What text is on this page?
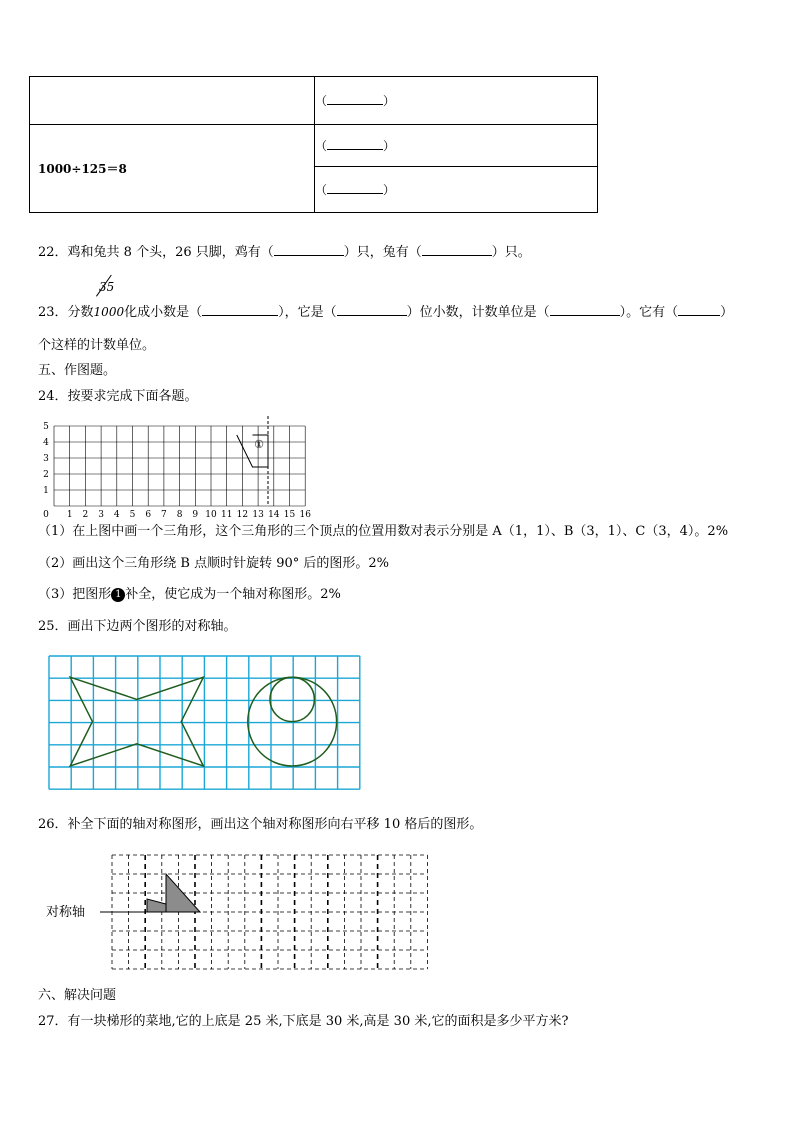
	（ ）
1000÷125＝8	（ ）
	（ ）
22．鸡和兔共 8 个头，26 只脚，鸡有（	）只，兔有（	）只。
35
23．分数1000化成小数是（	），它是（	）位小数，计数单位是（	）。它有（	）
个这样的计数单位。
五、作图题。
24．按要求完成下面各题。
0 1 2 3 4 5 6 7 8 9 10 11 12 13 14 15 16
1
2
3
4
5
①
（1）在上图中画一个三角形，这个三角形的三个顶点的位置用数对表示分别是 A（1，1）、B（3，1）、C（3，4）。2%
（2）画出这个三角形绕 B 点顺时针旋转 90° 后的图形。2%
（3）把图形 1 补全，使它成为一个轴对称图形。2%
25．画出下边两个图形的对称轴。
26．补全下面的轴对称图形，画出这个轴对称图形向右平移 10 格后的图形。
对称轴
六、解决问题
27．有一块梯形的菜地,它的上底是 25 米,下底是 30 米,高是 30 米,它的面积是多少平方米?
